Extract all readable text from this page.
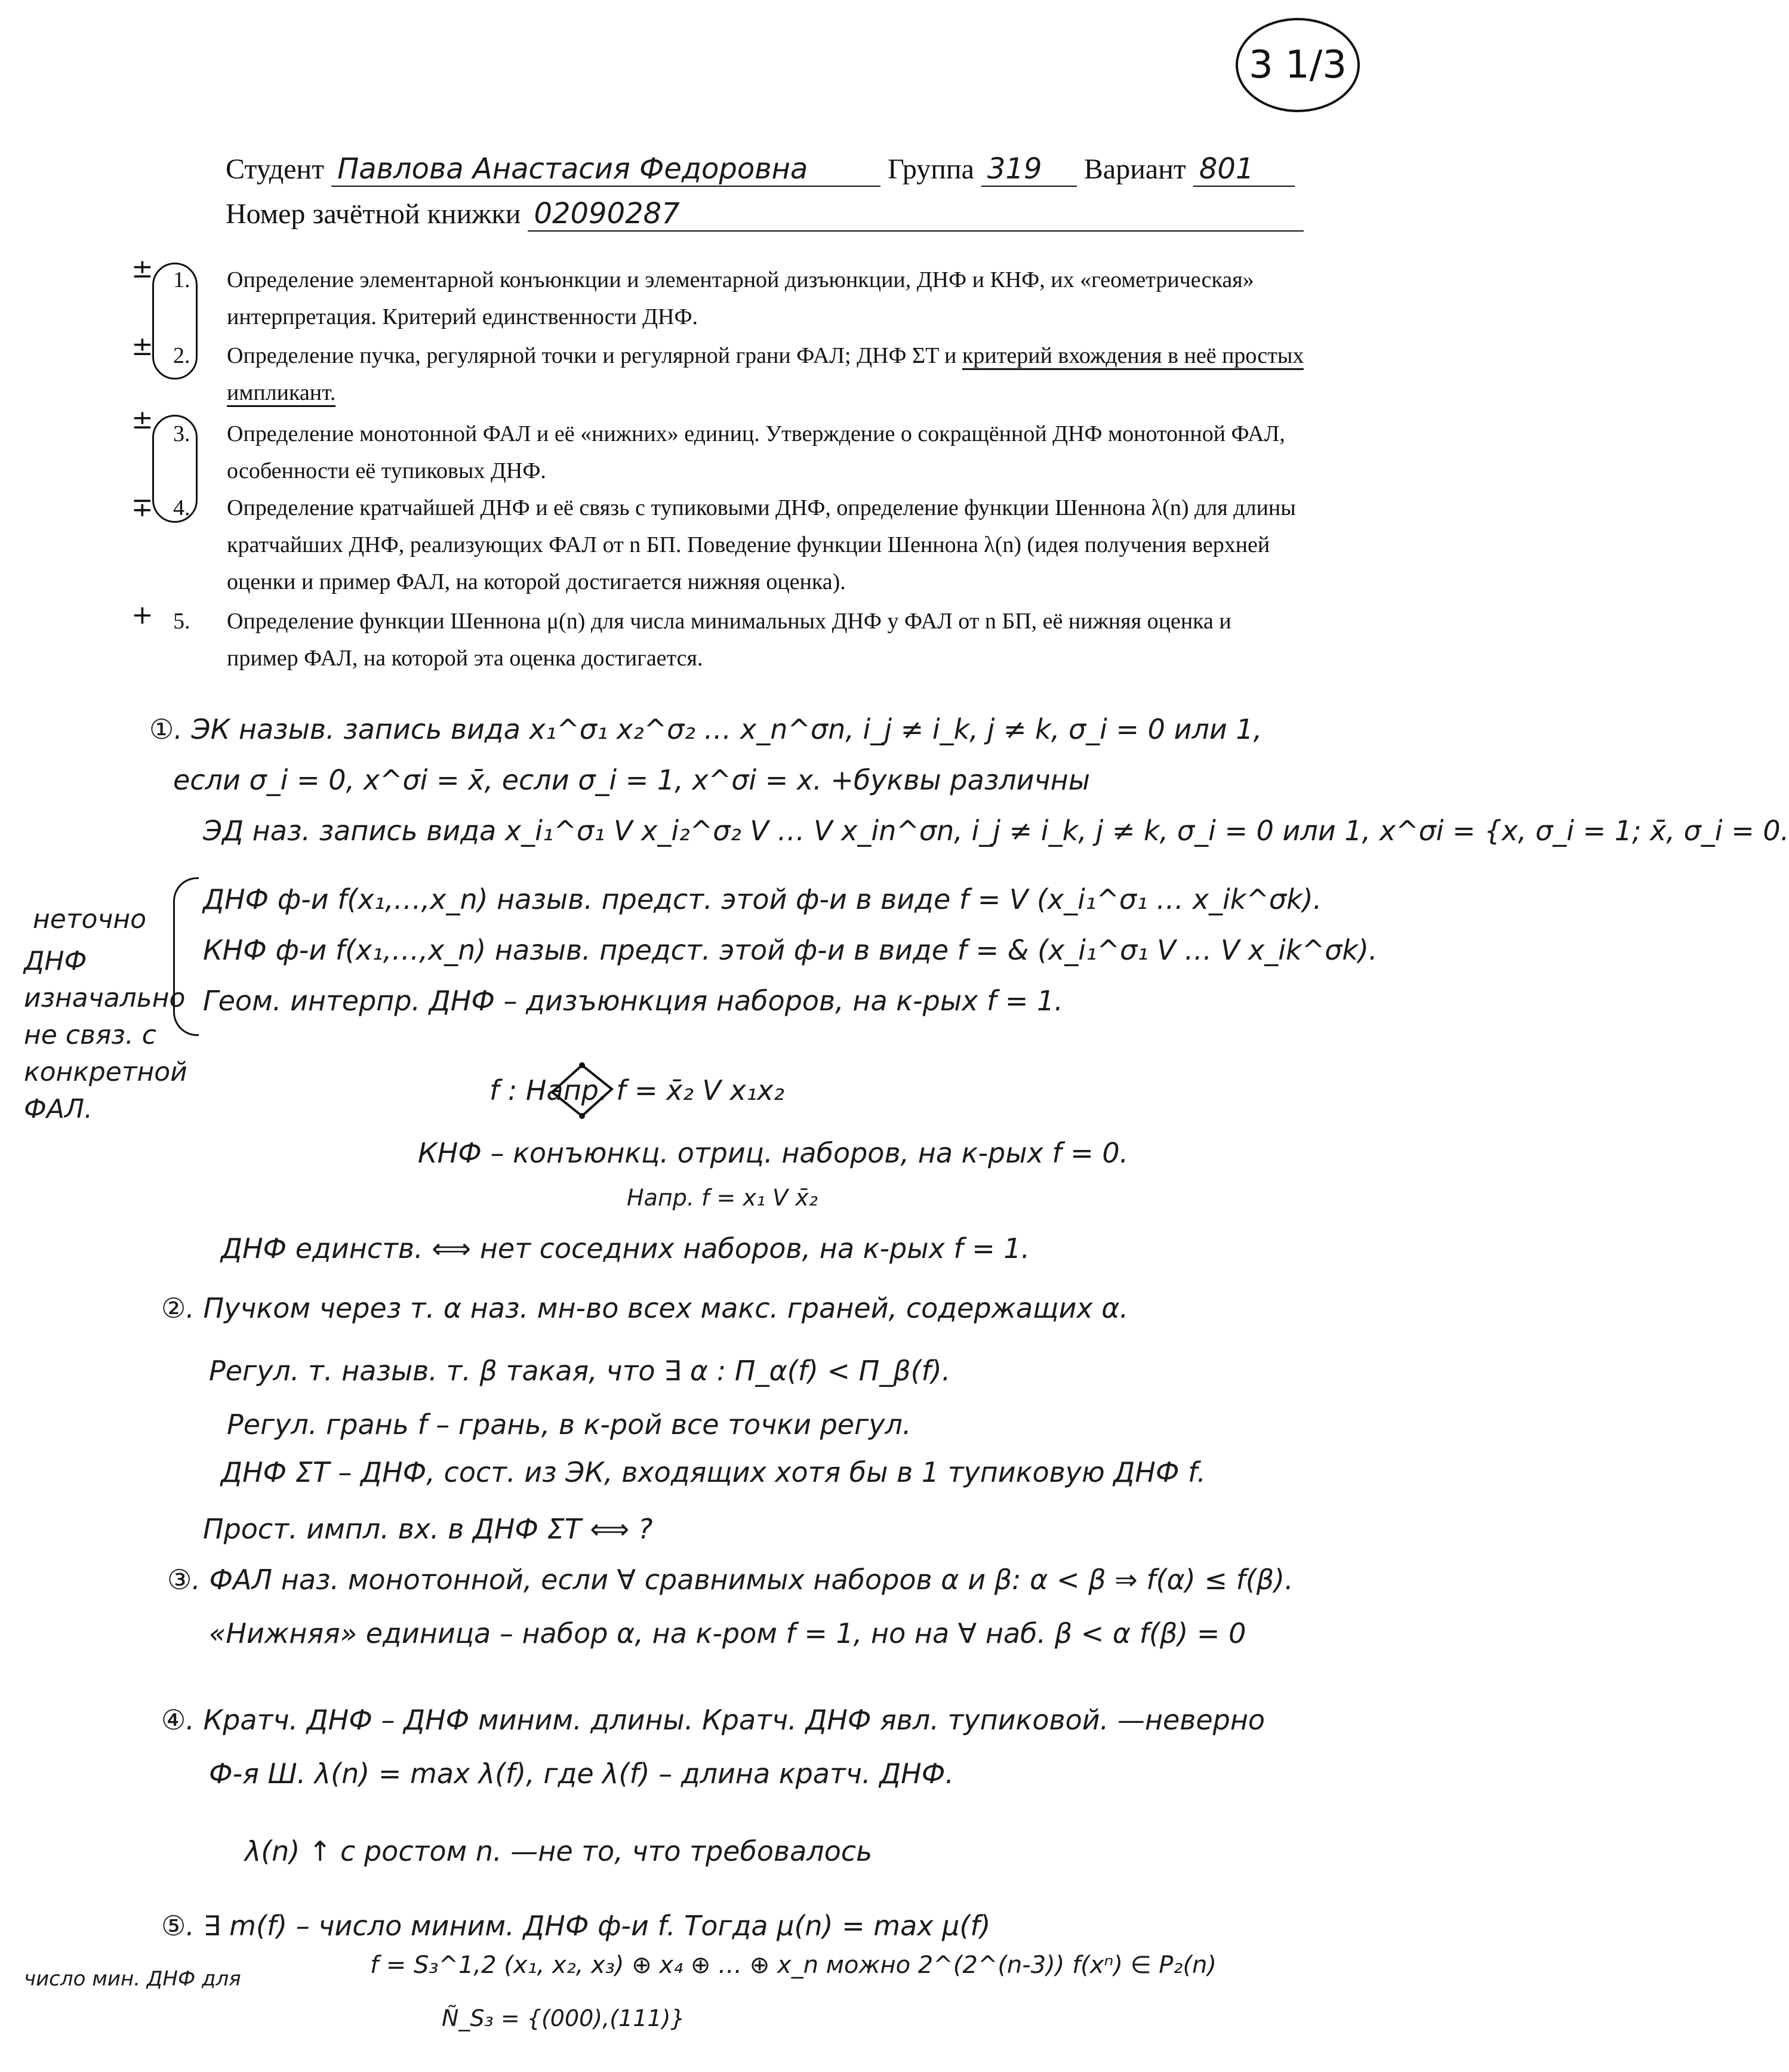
3 1/3
Студент Павлова Анастасия Федоровна	Группа 319 Вариант 801
Номер зачётной книжки 02090287
±
±
±
∓
+
1. Определение элементарной конъюнкции и элементарной дизъюнкции, ДНФ и КНФ, их «геометрическая» интерпретация. Критерий единственности ДНФ.
2. Определение пучка, регулярной точки и регулярной грани ФАЛ; ДНФ ΣT и критерий вхождения в неё простых импликант.
3. Определение монотонной ФАЛ и её «нижних» единиц. Утверждение о сокращённой ДНФ монотонной ФАЛ, особенности её тупиковых ДНФ.
4. Определение кратчайшей ДНФ и её связь с тупиковыми ДНФ, определение функции Шеннона λ(n) для длины кратчайших ДНФ, реализующих ФАЛ от n БП. Поведение функции Шеннона λ(n) (идея получения верхней оценки и пример ФАЛ, на которой достигается нижняя оценка).
5. Определение функции Шеннона μ(n) для числа минимальных ДНФ у ФАЛ от n БП, её нижняя оценка и пример ФАЛ, на которой эта оценка достигается.
неточно
ДНФ изначально не связ. с конкретной ФАЛ.
①. ЭК назыв. запись вида x₁^σ₁ x₂^σ₂ … x_n^σn, i_j ≠ i_k, j ≠ k, σ_i = 0 или 1,
если σ_i = 0, x^σi = x̄, если σ_i = 1, x^σi = x. +буквы различны
ЭД наз. запись вида x_i₁^σ₁ V x_i₂^σ₂ V … V x_in^σn, i_j ≠ i_k, j ≠ k, σ_i = 0 или 1, x^σi = {x, σ_i = 1; x̄, σ_i = 0.
ДНФ ф-и f(x₁,…,x_n) назыв. предст. этой ф-и в виде f = V (x_i₁^σ₁ … x_ik^σk).
КНФ ф-и f(x₁,…,x_n) назыв. предст. этой ф-и в виде f = & (x_i₁^σ₁ V … V x_ik^σk).
Геом. интерпр. ДНФ – дизъюнкция наборов, на к-рых f = 1.
f : Напр. f = x̄₂ V x₁x₂
КНФ – конъюнкц. отриц. наборов, на к-рых f = 0.
Напр. f = x₁ V x̄₂
ДНФ единств. ⟺ нет соседних наборов, на к-рых f = 1.
②. Пучком через т. α наз. мн-во всех макс. граней, содержащих α.
Регул. т. назыв. т. β такая, что ∃ α : П_α(f) < П_β(f).
Регул. грань f – грань, в к-рой все точки регул.
ДНФ ΣT – ДНФ, сост. из ЭК, входящих хотя бы в 1 тупиковую ДНФ f.
Прост. импл. вх. в ДНФ ΣT ⟺ ?
③. ФАЛ наз. монотонной, если ∀ сравнимых наборов α и β: α < β ⇒ f(α) ≤ f(β).
«Нижняя» единица – набор α, на к-ром f = 1, но на ∀ наб. β < α f(β) = 0
④. Кратч. ДНФ – ДНФ миним. длины. Кратч. ДНФ явл. тупиковой. —неверно
Ф-я Ш. λ(n) = max λ(f), где λ(f) – длина кратч. ДНФ.
λ(n) ↑ с ростом n. —не то, что требовалось
⑤. ∃ m(f) – число миним. ДНФ ф-и f. Тогда μ(n) = max μ(f)
число мин. ДНФ для	f = S₃^1,2 (x₁, x₂, x₃) ⊕ x₄ ⊕ … ⊕ x_n можно 2^(2^(n-3)) f(xⁿ) ∈ P₂(n)
Ñ_S₃ = {(000),(111)}
